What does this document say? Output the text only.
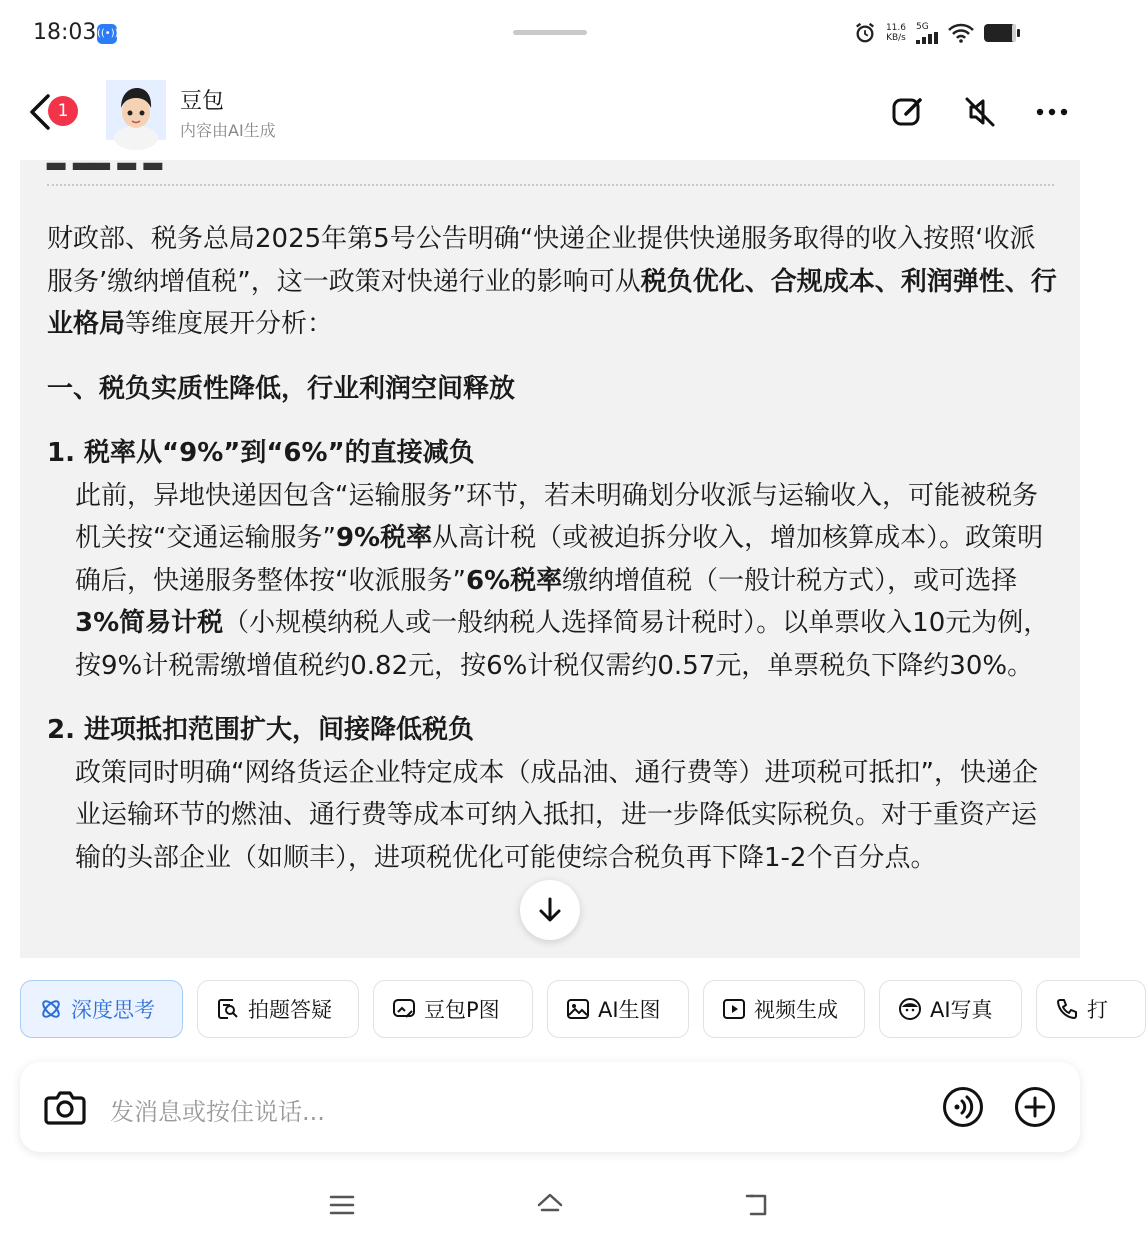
18:03 ((•))	11.6
KB/s
5G
1	豆包
内容由AI生成
▂ ▂▂ ▂ ▂

财政部、税务总局2025年第5号公告明确“快递企业提供快递服务取得的收入按照‘收派服务’缴纳增值税”，这一政策对快递行业的影响可从税负优化、合规成本、利润弹性、行业格局等维度展开分析：

一、税负实质性降低，行业利润空间释放

1. 税率从“9%”到“6%”的直接减负

此前，异地快递因包含“运输服务”环节，若未明确划分收派与运输收入，可能被税务机关按“交通运输服务”9%税率从高计税（或被迫拆分收入，增加核算成本）。政策明确后，快递服务整体按“收派服务”6%税率缴纳增值税（一般计税方式），或可选择3%简易计税（小规模纳税人或一般纳税人选择简易计税时）。以单票收入10元为例，按9%计税需缴增值税约0.82元，按6%计税仅需约0.57元，单票税负下降约30%。

2. 进项抵扣范围扩大，间接降低税负

政策同时明确“网络货运企业特定成本（成品油、通行费等）进项税可抵扣”，快递企业运输环节的燃油、通行费等成本可纳入抵扣，进一步降低实际税负。对于重资产运输的头部企业（如顺丰），进项税优化可能使综合税负再下降1-2个百分点。

深度思考	拍题答疑	豆包P图	AI生图	视频生成	AI写真	打
发消息或按住说话...
